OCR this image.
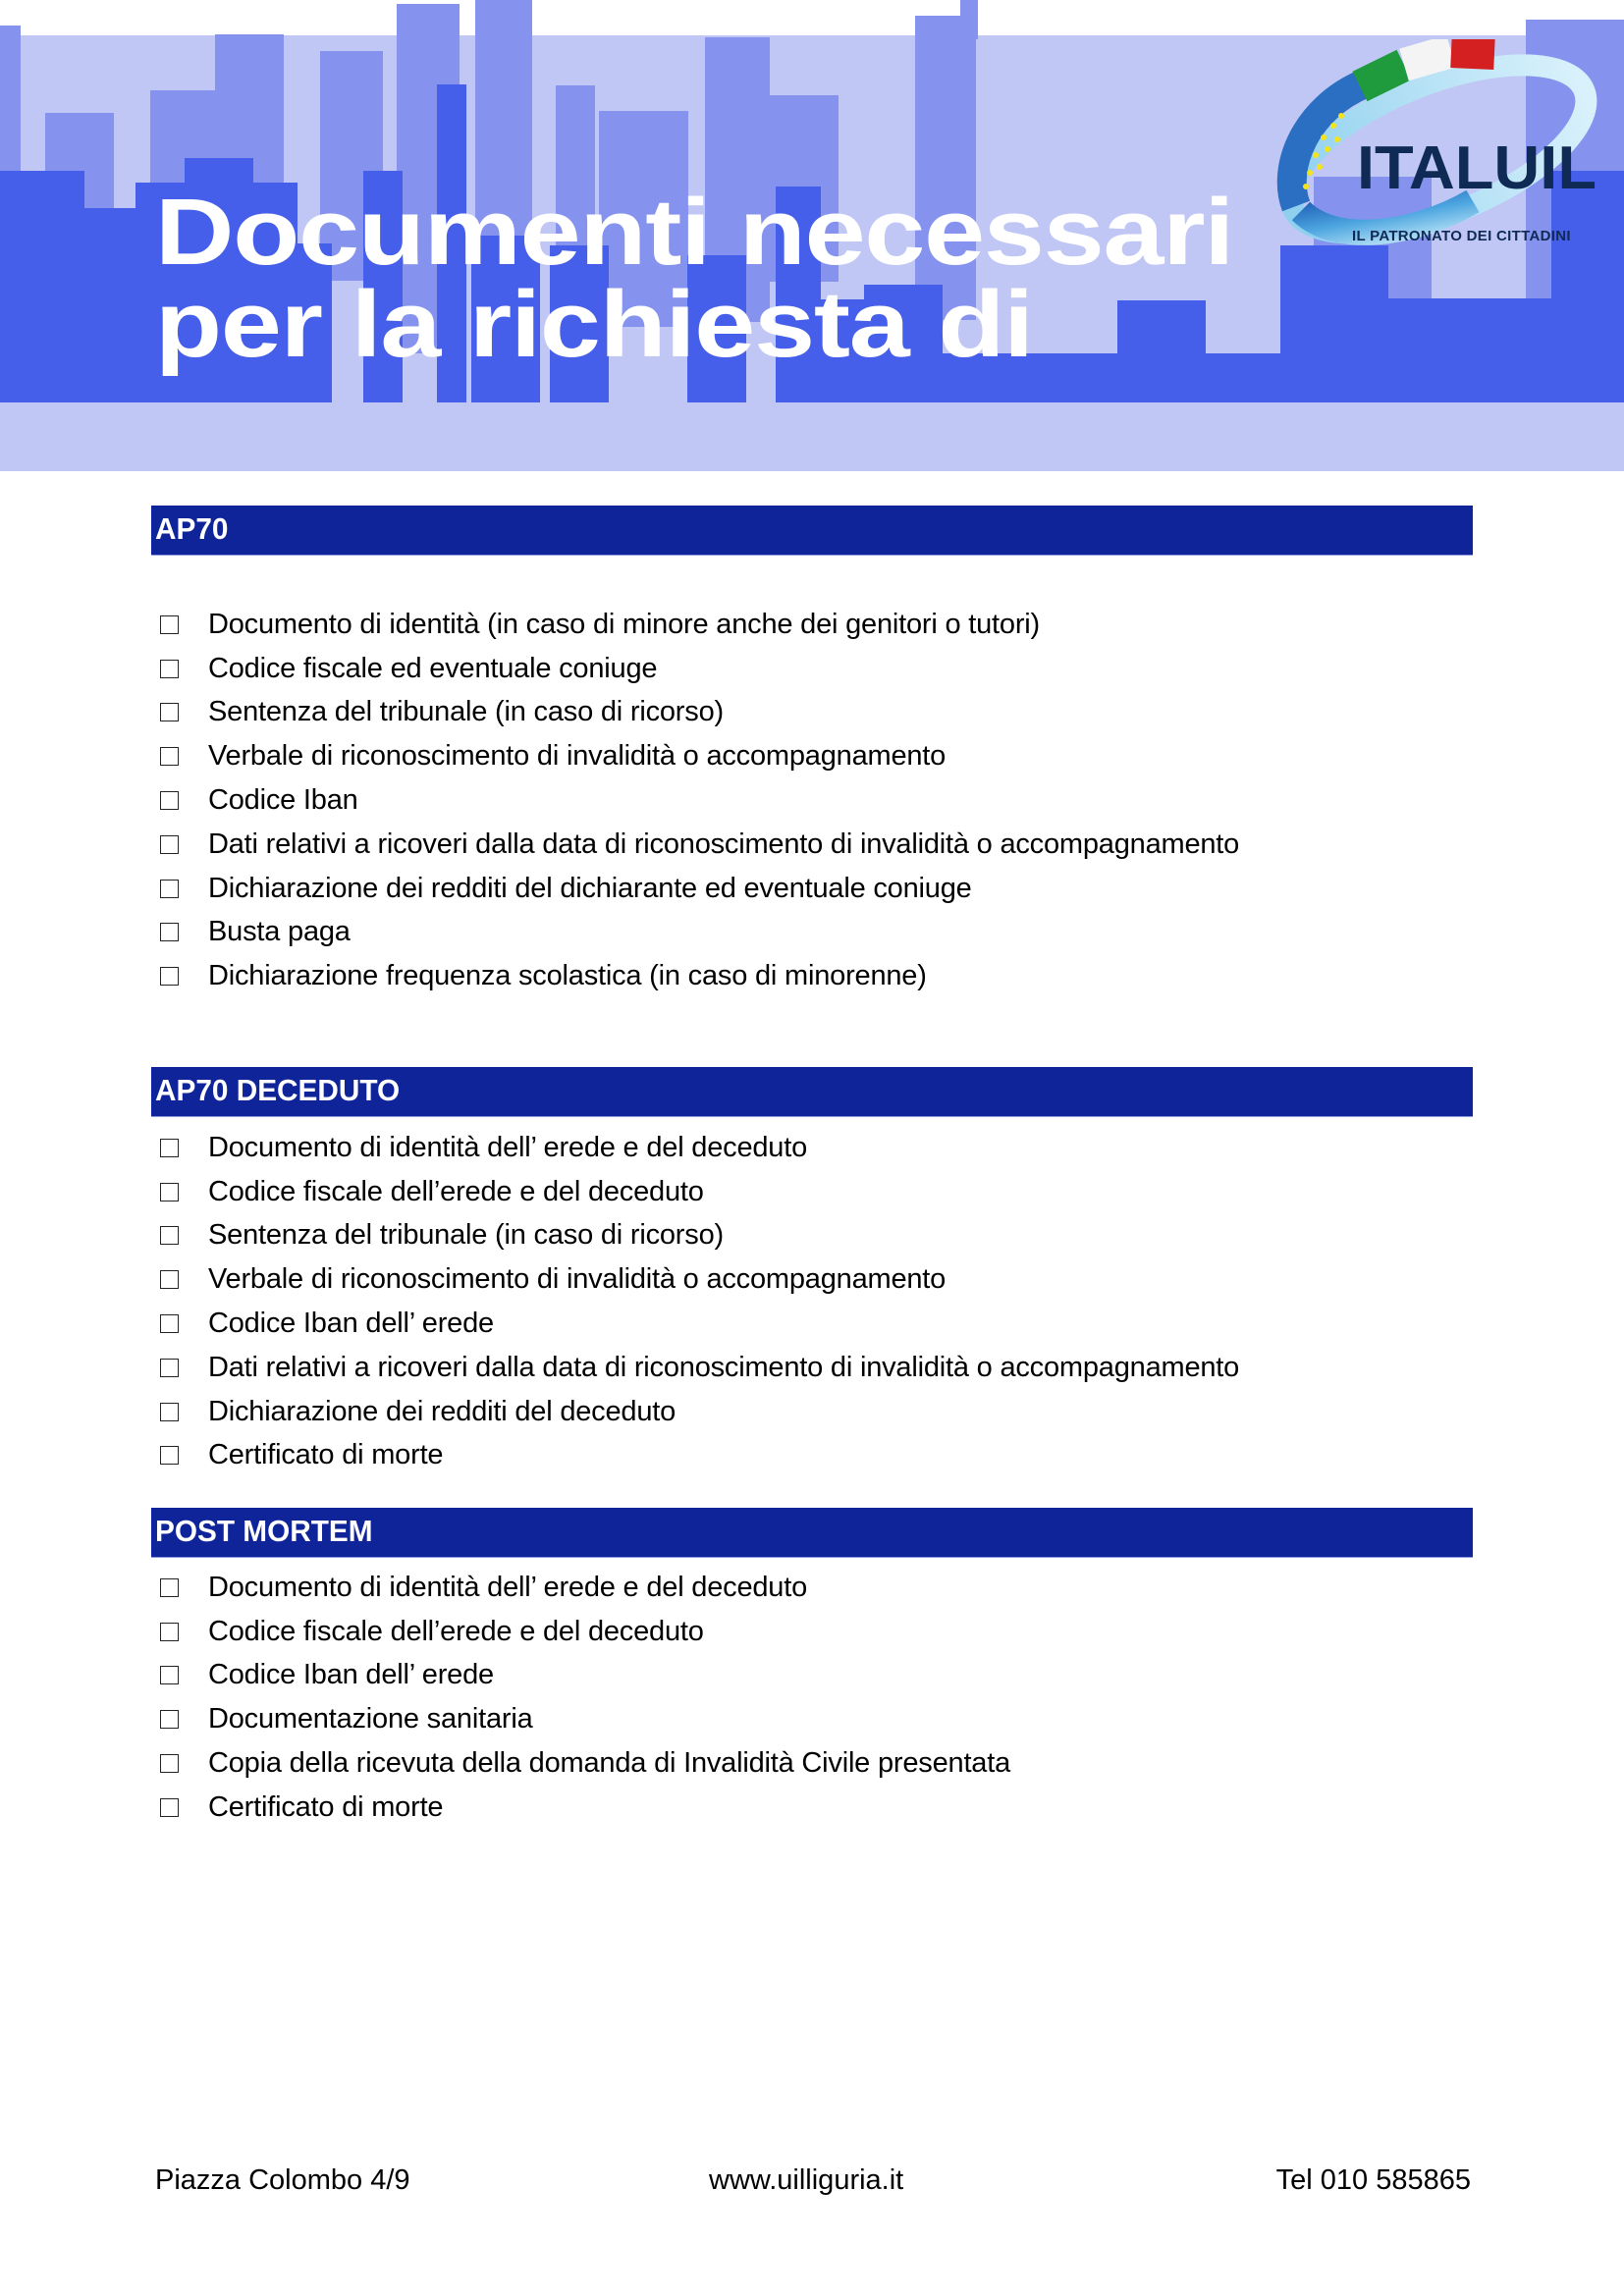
Documenti necessari
per la richiesta di
ITALUIL
IL PATRONATO DEI CITTADINI
AP70
Documento di identità (in caso di minore anche dei genitori o tutori)
Codice fiscale ed eventuale coniuge
Sentenza del tribunale (in caso di ricorso)
Verbale di riconoscimento di invalidità o accompagnamento
Codice Iban
Dati relativi a ricoveri dalla data di riconoscimento di invalidità o accompagnamento
Dichiarazione dei redditi del dichiarante ed eventuale coniuge
Busta paga
Dichiarazione frequenza scolastica (in caso di minorenne)
AP70 DECEDUTO
Documento di identità dell’ erede e del deceduto
Codice fiscale dell’erede e del deceduto
Sentenza del tribunale (in caso di ricorso)
Verbale di riconoscimento di invalidità o accompagnamento
Codice Iban dell’ erede
Dati relativi a ricoveri dalla data di riconoscimento di invalidità o accompagnamento
Dichiarazione dei redditi del deceduto
Certificato di morte
POST MORTEM
Documento di identità dell’ erede e del deceduto
Codice fiscale dell’erede e del deceduto
Codice Iban dell’ erede
Documentazione sanitaria
Copia della ricevuta della domanda di Invalidità Civile presentata
Certificato di morte
Piazza Colombo 4/9	www.uilliguria.it	Tel 010 585865
